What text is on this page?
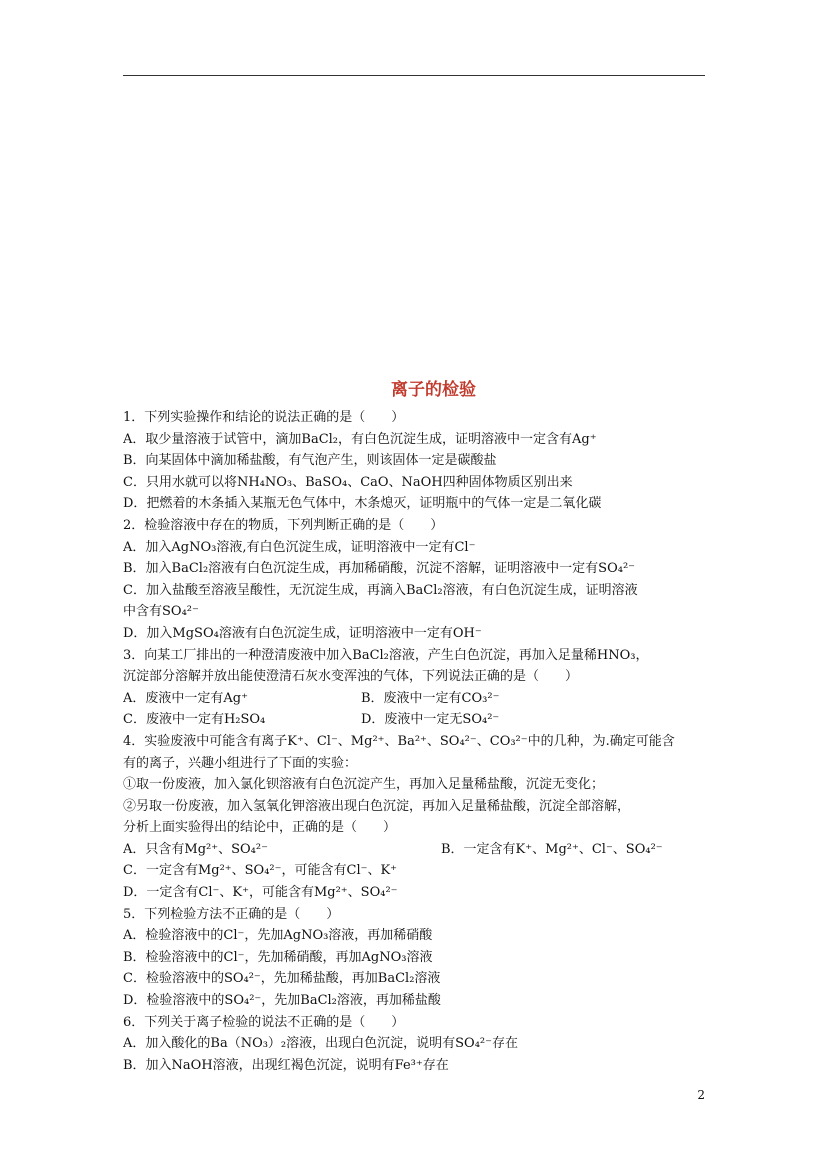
离子的检验
1．下列实验操作和结论的说法正确的是（　　）
A．取少量溶液于试管中，滴加BaCl₂，有白色沉淀生成，证明溶液中一定含有Ag⁺
B．向某固体中滴加稀盐酸，有气泡产生，则该固体一定是碳酸盐
C．只用水就可以将NH₄NO₃、BaSO₄、CaO、NaOH四种固体物质区别出来
D．把燃着的木条插入某瓶无色气体中，木条熄灭，证明瓶中的气体一定是二氧化碳
2．检验溶液中存在的物质，下列判断正确的是（　　）
A．加入AgNO₃溶液,有白色沉淀生成，证明溶液中一定有Cl⁻
B．加入BaCl₂溶液有白色沉淀生成，再加稀硝酸，沉淀不溶解，证明溶液中一定有SO₄²⁻
C．加入盐酸至溶液呈酸性，无沉淀生成，再滴入BaCl₂溶液，有白色沉淀生成，证明溶液
中含有SO₄²⁻
D．加入MgSO₄溶液有白色沉淀生成，证明溶液中一定有OH⁻
3．向某工厂排出的一种澄清废液中加入BaCl₂溶液，产生白色沉淀，再加入足量稀HNO₃，
沉淀部分溶解并放出能使澄清石灰水变浑浊的气体，下列说法正确的是（　　）
A．废液中一定有Ag⁺	B．废液中一定有CO₃²⁻
C．废液中一定有H₂SO₄	D．废液中一定无SO₄²⁻
4．实验废液中可能含有离子K⁺、Cl⁻、Mg²⁺、Ba²⁺、SO₄²⁻、CO₃²⁻中的几种，为.确定可能含
有的离子，兴趣小组进行了下面的实验：
①取一份废液，加入氯化钡溶液有白色沉淀产生，再加入足量稀盐酸，沉淀无变化；
②另取一份废液，加入氢氧化钾溶液出现白色沉淀，再加入足量稀盐酸，沉淀全部溶解，
分析上面实验得出的结论中，正确的是（　　）
A．只含有Mg²⁺、SO₄²⁻	B．一定含有K⁺、Mg²⁺、Cl⁻、SO₄²⁻
C．一定含有Mg²⁺、SO₄²⁻，可能含有Cl⁻、K⁺
D．一定含有Cl⁻、K⁺，可能含有Mg²⁺、SO₄²⁻
5．下列检验方法不正确的是（　　）
A．检验溶液中的Cl⁻，先加AgNO₃溶液，再加稀硝酸
B．检验溶液中的Cl⁻，先加稀硝酸，再加AgNO₃溶液
C．检验溶液中的SO₄²⁻，先加稀盐酸，再加BaCl₂溶液
D．检验溶液中的SO₄²⁻，先加BaCl₂溶液，再加稀盐酸
6．下列关于离子检验的说法不正确的是（　　）
A．加入酸化的Ba（NO₃）₂溶液，出现白色沉淀，说明有SO₄²⁻存在
B．加入NaOH溶液，出现红褐色沉淀，说明有Fe³⁺存在
2
